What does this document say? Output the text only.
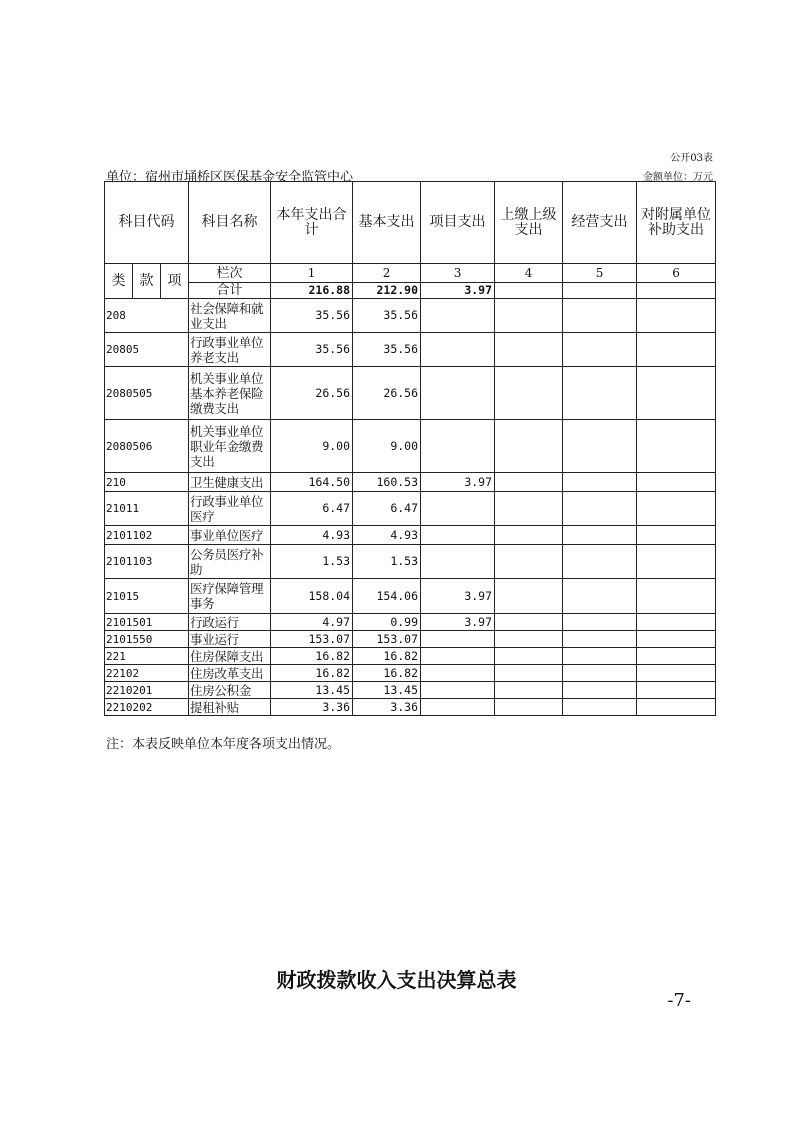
公开03表
单位：宿州市埇桥区医保基金安全监管中心	金额单位：万元
科目代码			科目名称	本年支出合计	基本支出	项目支出	上缴上级支出	经营支出	对附属单位补助支出
类	款	项	栏次	1	2	3	4	5	6
			合计	216.88	212.90	3.97			
208			社会保障和就业支出	35.56	35.56				
20805			行政事业单位养老支出	35.56	35.56				
2080505			机关事业单位基本养老保险缴费支出	26.56	26.56				
2080506			机关事业单位职业年金缴费支出	9.00	9.00				
210			卫生健康支出	164.50	160.53	3.97			
21011			行政事业单位医疗	6.47	6.47				
2101102			事业单位医疗	4.93	4.93				
2101103			公务员医疗补助	1.53	1.53				
21015			医疗保障管理事务	158.04	154.06	3.97			
2101501			行政运行	4.97	0.99	3.97			
2101550			事业运行	153.07	153.07				
221			住房保障支出	16.82	16.82				
22102			住房改革支出	16.82	16.82				
2210201			住房公积金	13.45	13.45				
2210202			提租补贴	3.36	3.36				
注：本表反映单位本年度各项支出情况。
财政拨款收入支出决算总表
-7-
